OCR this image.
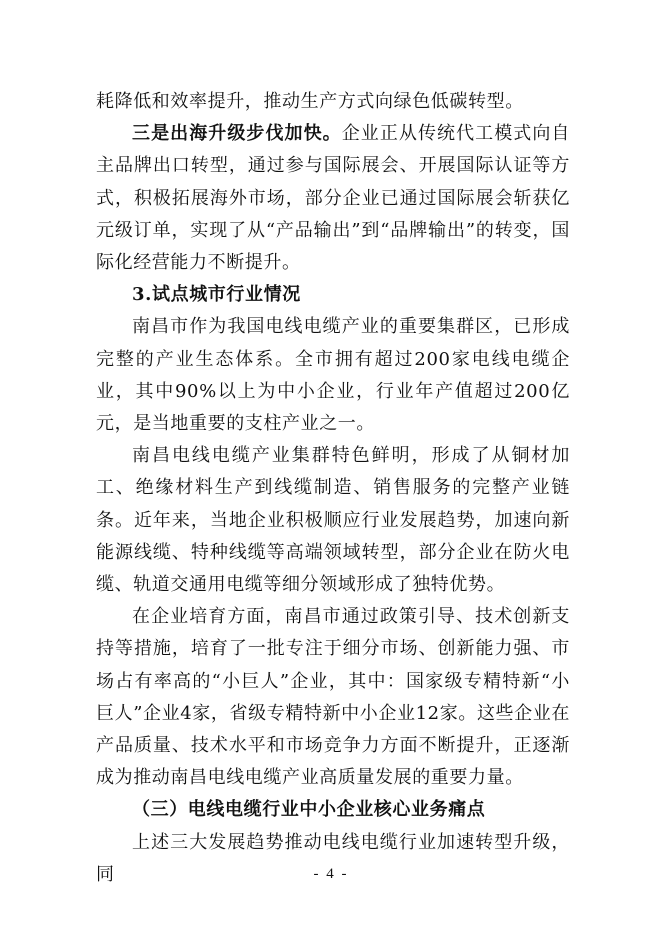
耗降低和效率提升，推动生产方式向绿色低碳转型。

三是出海升级步伐加快。企业正从传统代工模式向自主品牌出口转型，通过参与国际展会、开展国际认证等方式，积极拓展海外市场，部分企业已通过国际展会斩获亿元级订单，实现了从“产品输出”到“品牌输出”的转变，国际化经营能力不断提升。

3.试点城市行业情况

南昌市作为我国电线电缆产业的重要集群区，已形成完整的产业生态体系。全市拥有超过200家电线电缆企业，其中90%以上为中小企业，行业年产值超过200亿元，是当地重要的支柱产业之一。

南昌电线电缆产业集群特色鲜明，形成了从铜材加工、绝缘材料生产到线缆制造、销售服务的完整产业链条。近年来，当地企业积极顺应行业发展趋势，加速向新能源线缆、特种线缆等高端领域转型，部分企业在防火电缆、轨道交通用电缆等细分领域形成了独特优势。

在企业培育方面，南昌市通过政策引导、技术创新支持等措施，培育了一批专注于细分市场、创新能力强、市场占有率高的“小巨人”企业，其中：国家级专精特新“小巨人”企业4家，省级专精特新中小企业12家。这些企业在产品质量、技术水平和市场竞争力方面不断提升，正逐渐成为推动南昌电线电缆产业高质量发展的重要力量。

（三）电线电缆行业中小企业核心业务痛点

上述三大发展趋势推动电线电缆行业加速转型升级，同	- 4 -
